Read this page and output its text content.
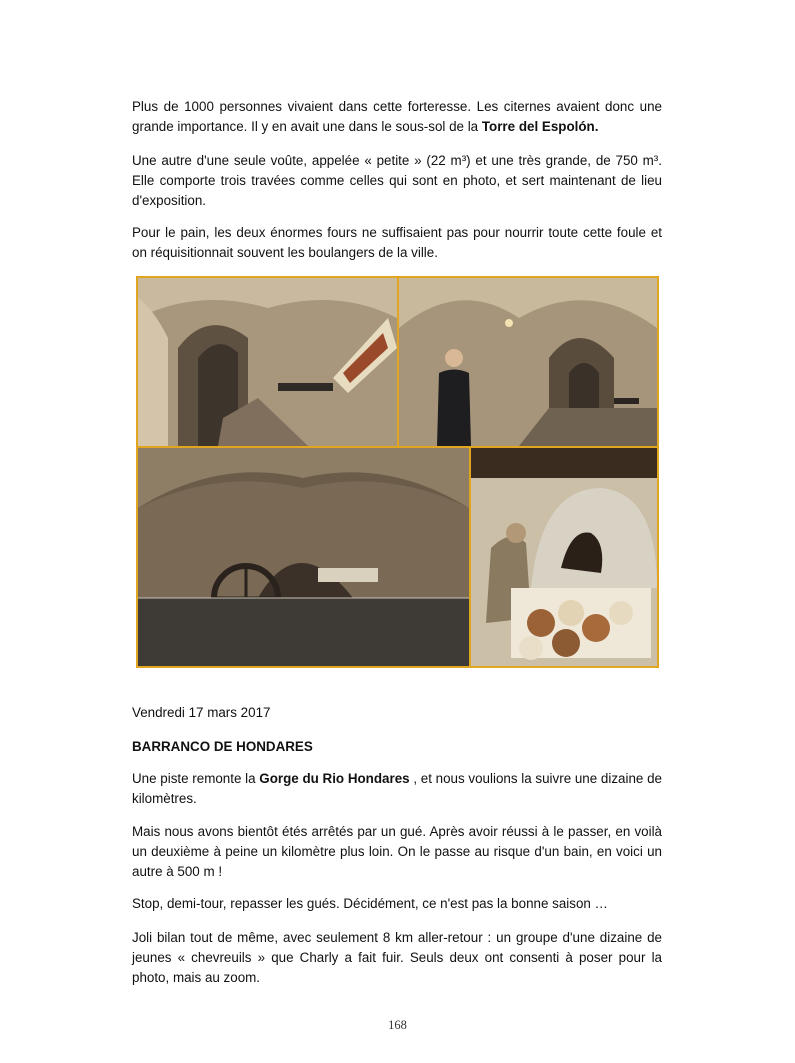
Plus de 1000 personnes vivaient dans cette forteresse. Les citernes avaient donc une grande importance. Il y en avait une dans le sous-sol de la Torre del Espolón.

Une autre d'une seule voûte, appelée « petite » (22 m³) et une très grande, de 750 m³. Elle comporte trois travées comme celles qui sont en photo, et sert maintenant de lieu d'exposition.

Pour le pain, les deux énormes fours ne suffisaient pas pour nourrir toute cette foule et on réquisitionnait souvent les boulangers de la ville.

Vendredi 17 mars 2017

BARRANCO DE HONDARES

Une piste remonte la Gorge du Rio Hondares , et nous voulions la suivre une dizaine de kilomètres.

Mais nous avons bientôt étés arrêtés par un gué. Après avoir réussi à le passer, en voilà un deuxième à peine un kilomètre plus loin. On le passe au risque d'un bain, en voici un autre à 500 m !

Stop, demi-tour, repasser les gués. Décidément, ce n'est pas la bonne saison …

Joli bilan tout de même, avec seulement 8 km aller-retour : un groupe d'une dizaine de jeunes « chevreuils » que Charly a fait fuir. Seuls deux ont consenti à poser pour la photo, mais au zoom.

168
